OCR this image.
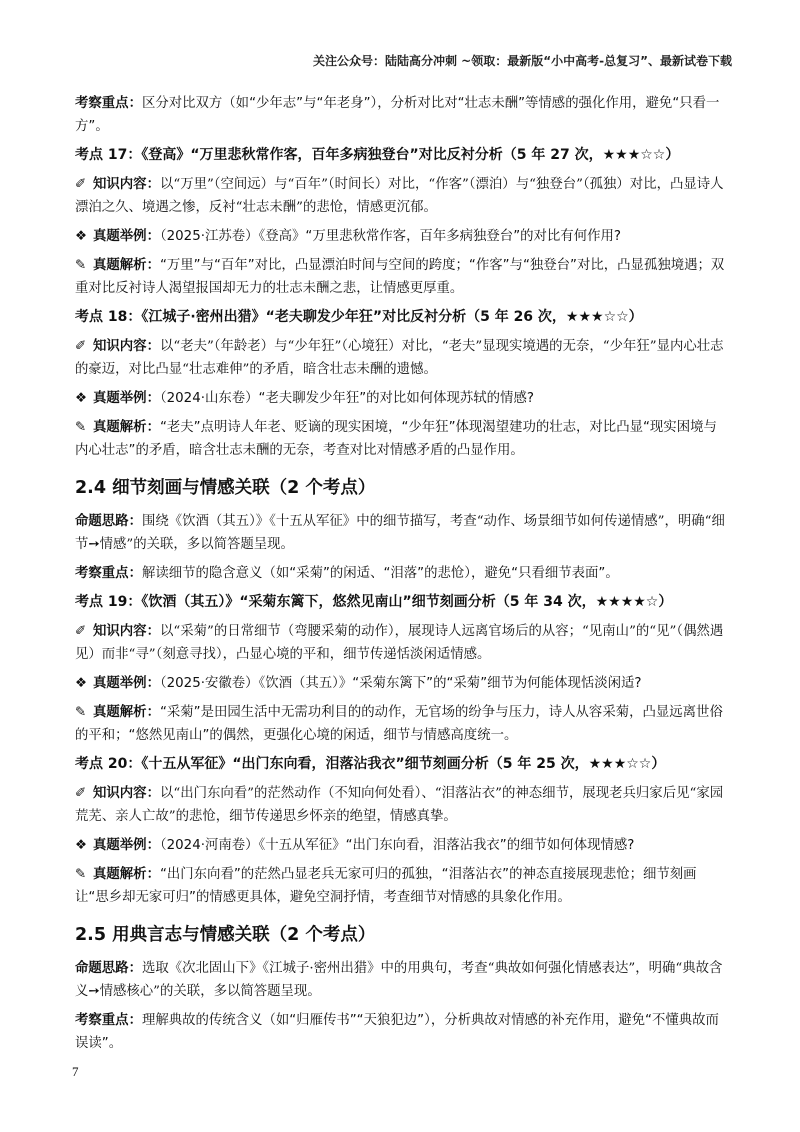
关注公众号：陆陆高分冲刺 ~领取：最新版“小中高考-总复习”、最新试卷下载

考察重点：区分对比双方（如“少年志”与“年老身”），分析对比对“壮志未酬”等情感的强化作用，避免“只看一方”。

考点 17：《登高》“万里悲秋常作客，百年多病独登台”对比反衬分析（5 年 27 次，★★★☆☆）

✐ 知识内容：以“万里”（空间远）与“百年”（时间长）对比，“作客”（漂泊）与“独登台”（孤独）对比，凸显诗人漂泊之久、境遇之惨，反衬“壮志未酬”的悲怆，情感更沉郁。

❖ 真题举例：（2025·江苏卷）《登高》“万里悲秋常作客，百年多病独登台”的对比有何作用?

✎ 真题解析：“万里”与“百年”对比，凸显漂泊时间与空间的跨度；“作客”与“独登台”对比，凸显孤独境遇；双重对比反衬诗人渴望报国却无力的壮志未酬之悲，让情感更厚重。

考点 18：《江城子·密州出猎》“老夫聊发少年狂”对比反衬分析（5 年 26 次，★★★☆☆）

✐ 知识内容：以“老夫”（年龄老）与“少年狂”（心境狂）对比，“老夫”显现实境遇的无奈，“少年狂”显内心壮志的豪迈，对比凸显“壮志难伸”的矛盾，暗含壮志未酬的遗憾。

❖ 真题举例：（2024·山东卷）“老夫聊发少年狂”的对比如何体现苏轼的情感?

✎ 真题解析：“老夫”点明诗人年老、贬谪的现实困境，“少年狂”体现渴望建功的壮志，对比凸显“现实困境与内心壮志”的矛盾，暗含壮志未酬的无奈，考查对比对情感矛盾的凸显作用。

2.4 细节刻画与情感关联（2 个考点）

命题思路：围绕《饮酒（其五）》《十五从军征》中的细节描写，考查“动作、场景细节如何传递情感”，明确“细节➙情感”的关联，多以简答题呈现。

考察重点：解读细节的隐含意义（如“采菊”的闲适、“泪落”的悲怆），避免“只看细节表面”。

考点 19：《饮酒（其五）》“采菊东篱下，悠然见南山”细节刻画分析（5 年 34 次，★★★★☆）

✐ 知识内容：以“采菊”的日常细节（弯腰采菊的动作），展现诗人远离官场后的从容；“见南山”的“见”（偶然遇见）而非“寻”（刻意寻找），凸显心境的平和，细节传递恬淡闲适情感。

❖ 真题举例：（2025·安徽卷）《饮酒（其五）》“采菊东篱下”的“采菊”细节为何能体现恬淡闲适?

✎ 真题解析：“采菊”是田园生活中无需功利目的的动作，无官场的纷争与压力，诗人从容采菊，凸显远离世俗的平和；“悠然见南山”的偶然，更强化心境的闲适，细节与情感高度统一。

考点 20：《十五从军征》“出门东向看，泪落沾我衣”细节刻画分析（5 年 25 次，★★★☆☆）

✐ 知识内容：以“出门东向看”的茫然动作（不知向何处看）、“泪落沾衣”的神态细节，展现老兵归家后见“家园荒芜、亲人亡故”的悲怆，细节传递思乡怀亲的绝望，情感真挚。

❖ 真题举例：（2024·河南卷）《十五从军征》“出门东向看，泪落沾我衣”的细节如何体现情感?

✎ 真题解析：“出门东向看”的茫然凸显老兵无家可归的孤独，“泪落沾衣”的神态直接展现悲怆；细节刻画让“思乡却无家可归”的情感更具体，避免空洞抒情，考查细节对情感的具象化作用。

2.5 用典言志与情感关联（2 个考点）

命题思路：选取《次北固山下》《江城子·密州出猎》中的用典句，考查“典故如何强化情感表达”，明确“典故含义➙情感核心”的关联，多以简答题呈现。

考察重点：理解典故的传统含义（如“归雁传书”“天狼犯边”），分析典故对情感的补充作用，避免“不懂典故而误读”。

7
